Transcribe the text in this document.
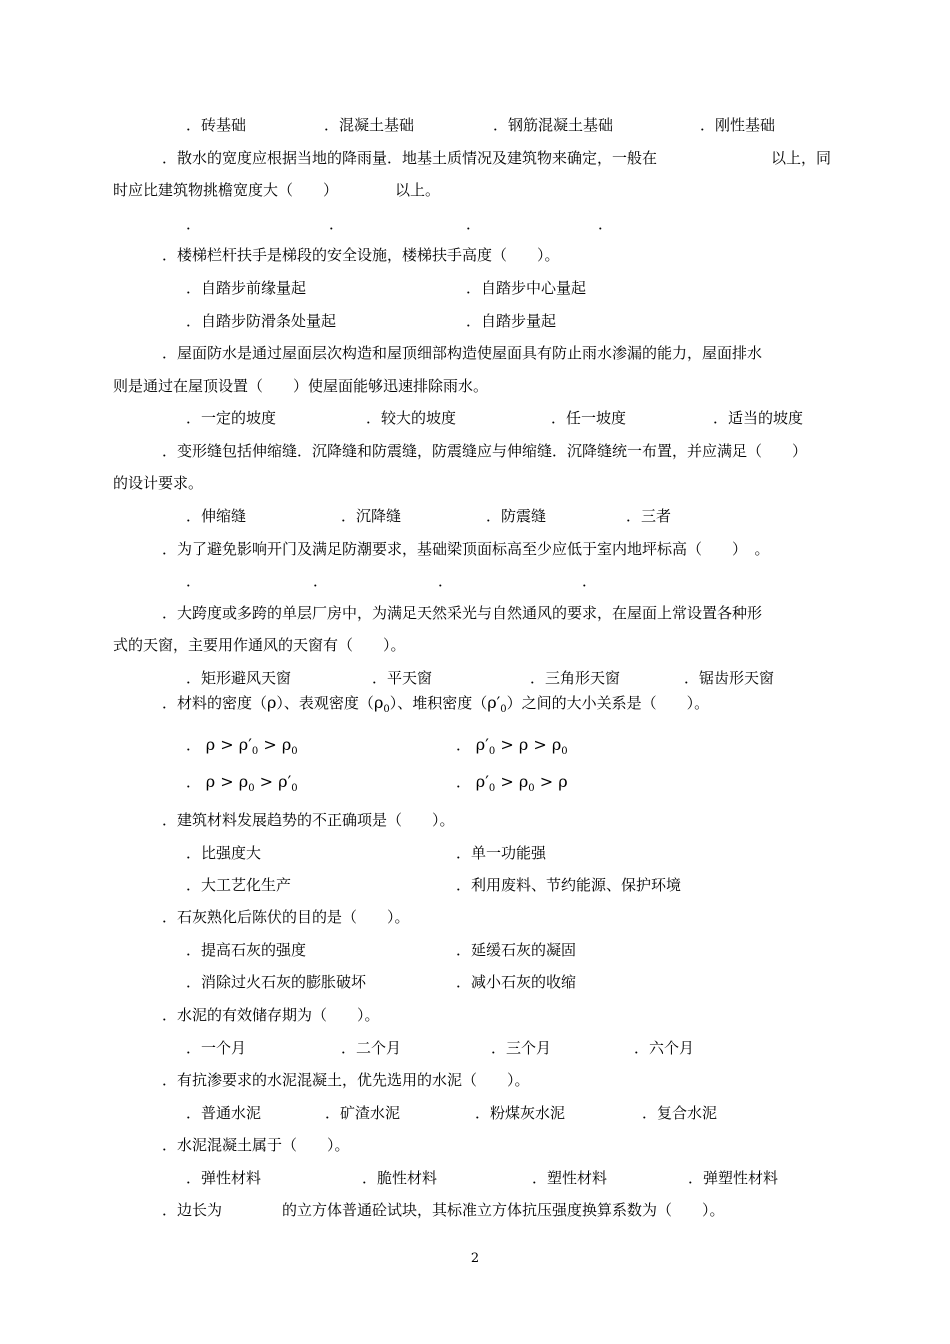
．砖基础	．混凝土基础	．钢筋混凝土基础	．刚性基础
．散水的宽度应根据当地的降雨量．地基土质情况及建筑物来确定，一般在	以上，同
时应比建筑物挑檐宽度大（　　）	以上。
．	．	．	．
．楼梯栏杆扶手是梯段的安全设施，楼梯扶手高度（　　）。
．自踏步前缘量起	．自踏步中心量起
．自踏步防滑条处量起	．自踏步量起
．屋面防水是通过屋面层次构造和屋顶细部构造使屋面具有防止雨水渗漏的能力，屋面排水
则是通过在屋顶设置（　　）使屋面能够迅速排除雨水。
．一定的坡度	．较大的坡度	．任一坡度	．适当的坡度
．变形缝包括伸缩缝．沉降缝和防震缝，防震缝应与伸缩缝．沉降缝统一布置，并应满足（　　）
的设计要求。
．伸缩缝	．沉降缝	．防震缝	．三者
．为了避免影响开门及满足防潮要求，基础梁顶面标高至少应低于室内地坪标高（　　）　。
．	．	．	．
．大跨度或多跨的单层厂房中，为满足天然采光与自然通风的要求，在屋面上常设置各种形
式的天窗，主要用作通风的天窗有（　　）。
．矩形避风天窗	．平天窗	．三角形天窗	．锯齿形天窗
．材料的密度（ρ）、表观密度$(\rho_0)$、堆积密度$(\rho'_0)$之间的大小关系是（　　）。
． $\rho > \rho'_0 > \rho_0$	． $\rho'_0 > \rho > \rho_0$
． $\rho > \rho_0 > \rho'_0$	． $\rho'_0 > \rho_0 > \rho$
．建筑材料发展趋势的不正确项是（　　）。
．比强度大	．单一功能强
．大工艺化生产	．利用废料、节约能源、保护环境
．石灰熟化后陈伏的目的是（　　）。
．提高石灰的强度	．延缓石灰的凝固
．消除过火石灰的膨胀破坏	．减小石灰的收缩
．水泥的有效储存期为（　　）。
．一个月	．二个月	．三个月	．六个月
．有抗渗要求的水泥混凝土，优先选用的水泥（　　）。
．普通水泥	．矿渣水泥	．粉煤灰水泥	．复合水泥
．水泥混凝土属于（　　）。
．弹性材料	．脆性材料	．塑性材料	．弹塑性材料
．边长为	的立方体普通砼试块，其标准立方体抗压强度换算系数为（　　）。
2
